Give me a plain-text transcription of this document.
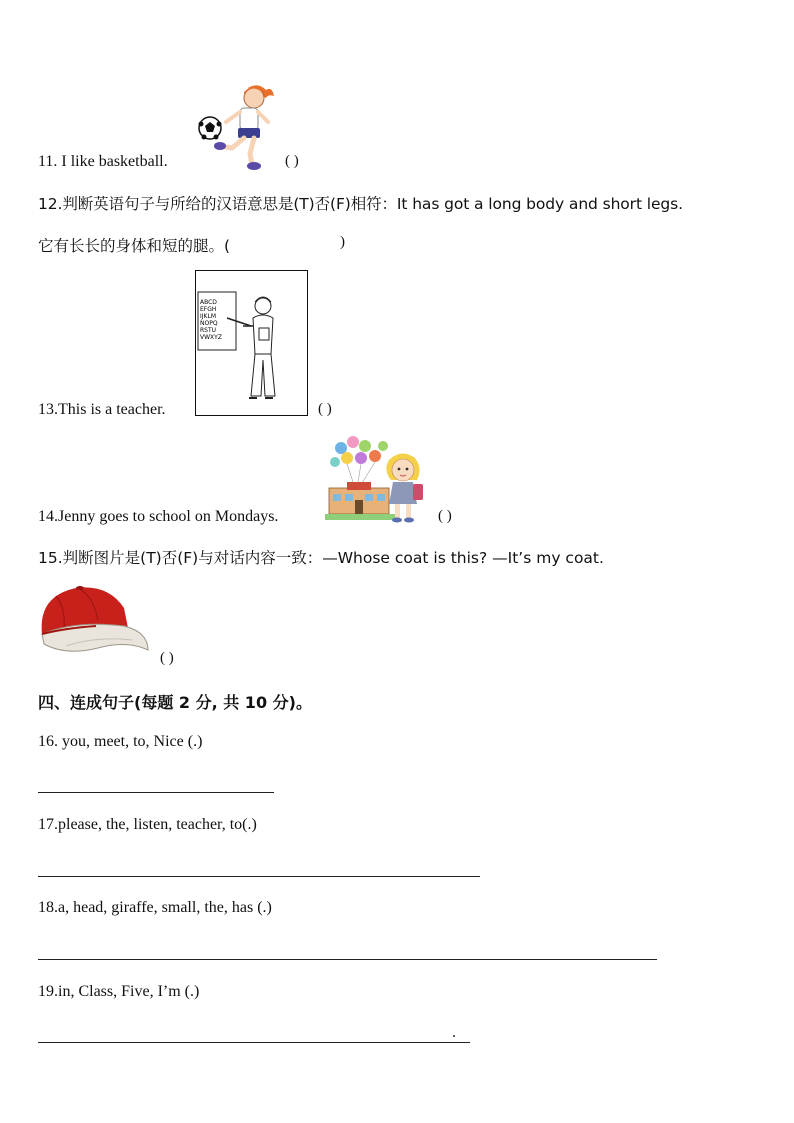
11. I like basketball.	( )
12.判断英语句子与所给的汉语意思是(T)否(F)相符：It has got a long body and short legs.
它有长长的身体和短的腿。(	)
13.This is a teacher.
ABCD
EFGH
IJKLM
NOPQ
RSTU
VWXYZ
( )
14.Jenny goes to school on Mondays.	( )
15.判断图片是(T)否(F)与对话内容一致：—Whose coat is this? —It’s my coat.
( )
四、连成句子(每题 2 分, 共 10 分)。
16. you, meet, to, Nice (.)
17.please, the, listen, teacher, to(.)
18.a, head, giraffe, small, the, has (.)
19.in, Class, Five, I’m (.)
.
